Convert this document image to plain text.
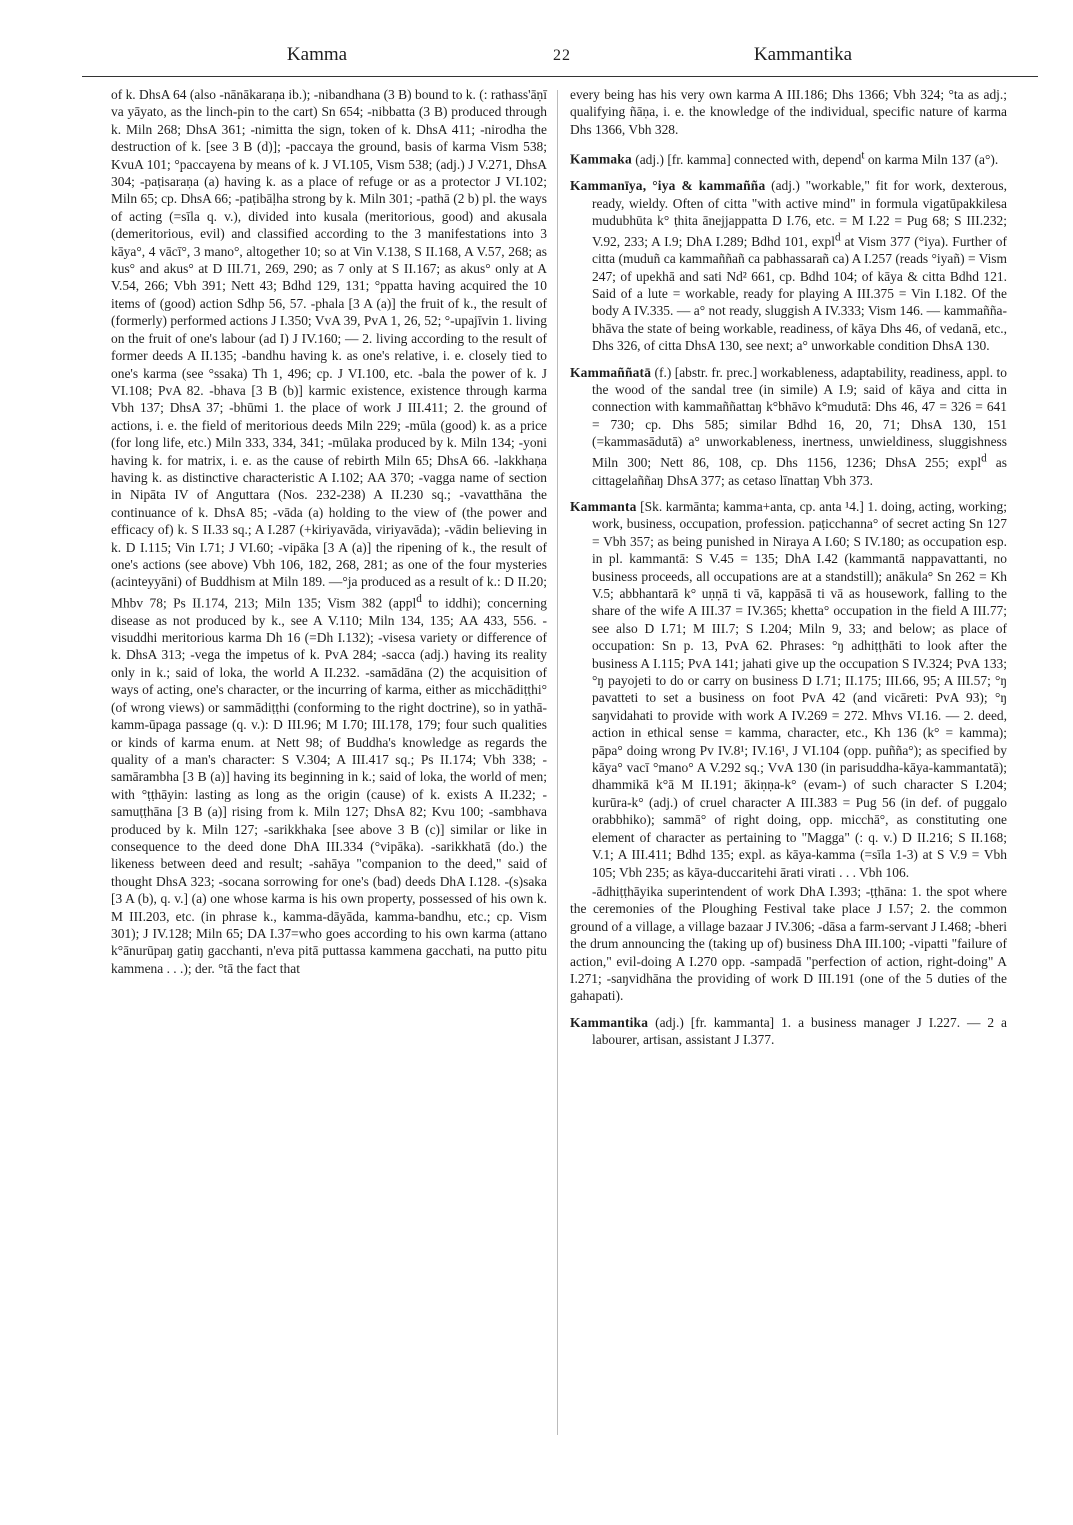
Kamma	22	Kammantika

of k. DhsA 64 (also -nānākaraṇa ib.); -nibandhana (3 B) bound to k. (: rathass'āṇī va yāyato, as the linch-pin to the cart) Sn 654; -nibbatta (3 B) produced through k. Miln 268; DhsA 361; -nimitta the sign, token of k. DhsA 411; -nirodha the destruction of k. [see 3 B (d)]; -paccaya the ground, basis of karma Vism 538; KvuA 101; °paccayena by means of k. J VI.105, Vism 538; (adj.) J V.271, DhsA 304; -paṭisaraṇa (a) having k. as a place of refuge or as a protector J VI.102; Miln 65; cp. DhsA 66; -paṭibāḷha strong by k. Miln 301; -pathā (2 b) pl. the ways of acting (=sīla q. v.), divided into kusala (meritorious, good) and akusala (demeritorious, evil) and classified according to the 3 manifestations into 3 kāya°, 4 vācī°, 3 mano°, altogether 10; so at Vin V.138, S II.168, A V.57, 268; as kus° and akus° at D III.71, 269, 290; as 7 only at S II.167; as akus° only at A V.54, 266; Vbh 391; Nett 43; Bdhd 129, 131; °ppatta having acquired the 10 items of (good) action Sdhp 56, 57. -phala [3 A (a)] the fruit of k., the result of (formerly) performed actions J I.350; VvA 39, PvA 1, 26, 52; °-upajīvin 1. living on the fruit of one's labour (ad I) J IV.160; — 2. living according to the result of former deeds A II.135; -bandhu having k. as one's relative, i. e. closely tied to one's karma (see °ssaka) Th 1, 496; cp. J VI.100, etc. -bala the power of k. J VI.108; PvA 82. -bhava [3 B (b)] karmic existence, existence through karma Vbh 137; DhsA 37; -bhūmi 1. the place of work J III.411; 2. the ground of actions, i. e. the field of meritorious deeds Miln 229; -mūla (good) k. as a price (for long life, etc.) Miln 333, 334, 341; -mūlaka produced by k. Miln 134; -yoni having k. for matrix, i. e. as the cause of rebirth Miln 65; DhsA 66. -lakkhaṇa having k. as distinctive characteristic A I.102; AA 370; -vagga name of section in Nipāta IV of Anguttara (Nos. 232-238) A II.230 sq.; -vavatthāna the continuance of k. DhsA 85; -vāda (a) holding to the view of (the power and efficacy of) k. S II.33 sq.; A I.287 (+kiriyavāda, viriyavāda); -vādin believing in k. D I.115; Vin I.71; J VI.60; -vipāka [3 A (a)] the ripening of k., the result of one's actions (see above) Vbh 106, 182, 268, 281; as one of the four mysteries (acinteyyāni) of Buddhism at Miln 189. —°ja produced as a result of k.: D II.20; Mhbv 78; Ps II.174, 213; Miln 135; Vism 382 (appl$^d$ to iddhi); concerning disease as not produced by k., see A V.110; Miln 134, 135; AA 433, 556. -visuddhi meritorious karma Dh 16 (=Dh I.132); -visesa variety or difference of k. DhsA 313; -vega the impetus of k. PvA 284; -sacca (adj.) having its reality only in k.; said of loka, the world A II.232. -samādāna (2) the acquisition of ways of acting, one's character, or the incurring of karma, either as micchādiṭṭhi° (of wrong views) or sammādiṭṭhi (conforming to the right doctrine), so in yathā-kamm-ūpaga passage (q. v.): D III.96; M I.70; III.178, 179; four such qualities or kinds of karma enum. at Nett 98; of Buddha's knowledge as regards the quality of a man's character: S V.304; A III.417 sq.; Ps II.174; Vbh 338; -samārambha [3 B (a)] having its beginning in k.; said of loka, the world of men; with °ṭṭhāyin: lasting as long as the origin (cause) of k. exists A II.232; -samuṭṭhāna [3 B (a)] rising from k. Miln 127; DhsA 82; Kvu 100; -sambhava produced by k. Miln 127; -sarikkhaka [see above 3 B (c)] similar or like in consequence to the deed done DhA III.334 (°vipāka). -sarikkhatā (do.) the likeness between deed and result; -sahāya "companion to the deed," said of thought DhsA 323; -socana sorrowing for one's (bad) deeds DhA I.128. -(s)saka [3 A (b), q. v.] (a) one whose karma is his own property, possessed of his own k. M III.203, etc. (in phrase k., kamma-dāyāda, kamma-bandhu, etc.; cp. Vism 301); J IV.128; Miln 65; DA I.37=who goes according to his own karma (attano k°ānurūpaŋ gatiŋ gacchanti, n'eva pitā puttassa kammena gacchati, na putto pitu kammena . . .); der. °tā the fact that

every being has his very own karma A III.186; Dhs 1366; Vbh 324; °ta as adj.; qualifying ñāṇa, i. e. the knowledge of the individual, specific nature of karma Dhs 1366, Vbh 328.

Kammaka (adj.) [fr. kamma] connected with, depend$^t$ on karma Miln 137 (a°).

Kammanīya, °iya & kammañña (adj.) "workable," fit for work, dexterous, ready, wieldy. Often of citta "with active mind" in formula vigatūpakkilesa mudubhūta k° ṭhita ānejjappatta D I.76, etc. = M I.22 = Pug 68; S III.232; V.92, 233; A I.9; DhA I.289; Bdhd 101, expl$^d$ at Vism 377 (°iya). Further of citta (muduñ ca kammaññañ ca pabhassarañ ca) A I.257 (reads °iyañ) = Vism 247; of upekhā and sati Nd² 661, cp. Bdhd 104; of kāya & citta Bdhd 121. Said of a lute = workable, ready for playing A III.375 = Vin I.182. Of the body A IV.335. — a° not ready, sluggish A IV.333; Vism 146. — kammañña-bhāva the state of being workable, readiness, of kāya Dhs 46, of vedanā, etc., Dhs 326, of citta DhsA 130, see next; a° unworkable condition DhsA 130.

Kammaññatā (f.) [abstr. fr. prec.] workableness, adaptability, readiness, appl. to the wood of the sandal tree (in simile) A I.9; said of kāya and citta in connection with kammaññattaŋ k°bhāvo k°mudutā: Dhs 46, 47 = 326 = 641 = 730; cp. Dhs 585; similar Bdhd 16, 20, 71; DhsA 130, 151 (=kammasādutā) a° unworkableness, inertness, unwieldiness, sluggishness Miln 300; Nett 86, 108, cp. Dhs 1156, 1236; DhsA 255; expl$^d$ as cittagelaññaŋ DhsA 377; as cetaso līnattaŋ Vbh 373.

Kammanta [Sk. karmānta; kamma+anta, cp. anta ¹4.] 1. doing, acting, working; work, business, occupation, profession. paṭicchanna° of secret acting Sn 127 = Vbh 357; as being punished in Niraya A I.60; S IV.180; as occupation esp. in pl. kammantā: S V.45 = 135; DhA I.42 (kammantā nappavattanti, no business proceeds, all occupations are at a standstill); anākula° Sn 262 = Kh V.5; abbhantarā k° uṇṇā ti vā, kappāsā ti vā as housework, falling to the share of the wife A III.37 = IV.365; khetta° occupation in the field A III.77; see also D I.71; M III.7; S I.204; Miln 9, 33; and below; as place of occupation: Sn p. 13, PvA 62. Phrases: °ŋ adhiṭṭhāti to look after the business A I.115; PvA 141; jahati give up the occupation S IV.324; PvA 133; °ŋ payojeti to do or carry on business D I.71; II.175; III.66, 95; A III.57; °ŋ pavatteti to set a business on foot PvA 42 (and vicāreti: PvA 93); °ŋ saŋvidahati to provide with work A IV.269 = 272. Mhvs VI.16. — 2. deed, action in ethical sense = kamma, character, etc., Kh 136 (k° = kamma); pāpa° doing wrong Pv IV.8¹; IV.16¹, J VI.104 (opp. puñña°); as specified by kāya° vacī °mano° A V.292 sq.; VvA 130 (in parisuddha-kāya-kammantatā); dhammikā k°ā M II.191; ākiṇṇa-k° (evam-) of such character S I.204; kurūra-k° (adj.) of cruel character A III.383 = Pug 56 (in def. of puggalo orabbhiko); sammā° of right doing, opp. micchā°, as constituting one element of character as pertaining to "Magga" (: q. v.) D II.216; S II.168; V.1; A III.411; Bdhd 135; expl. as kāya-kamma (=sīla 1-3) at S V.9 = Vbh 105; Vbh 235; as kāya-duccaritehi ārati virati . . . Vbh 106.

-ādhiṭṭhāyika superintendent of work DhA I.393; -ṭṭhāna: 1. the spot where the ceremonies of the Ploughing Festival take place J I.57; 2. the common ground of a village, a village bazaar J IV.306; -dāsa a farm-servant J I.468; -bheri the drum announcing the (taking up of) business DhA III.100; -vipatti "failure of action," evil-doing A I.270 opp. -sampadā "perfection of action, right-doing" A I.271; -saŋvidhāna the providing of work D III.191 (one of the 5 duties of the gahapati).

Kammantika (adj.) [fr. kammanta] 1. a business manager J I.227. — 2 a labourer, artisan, assistant J I.377.
